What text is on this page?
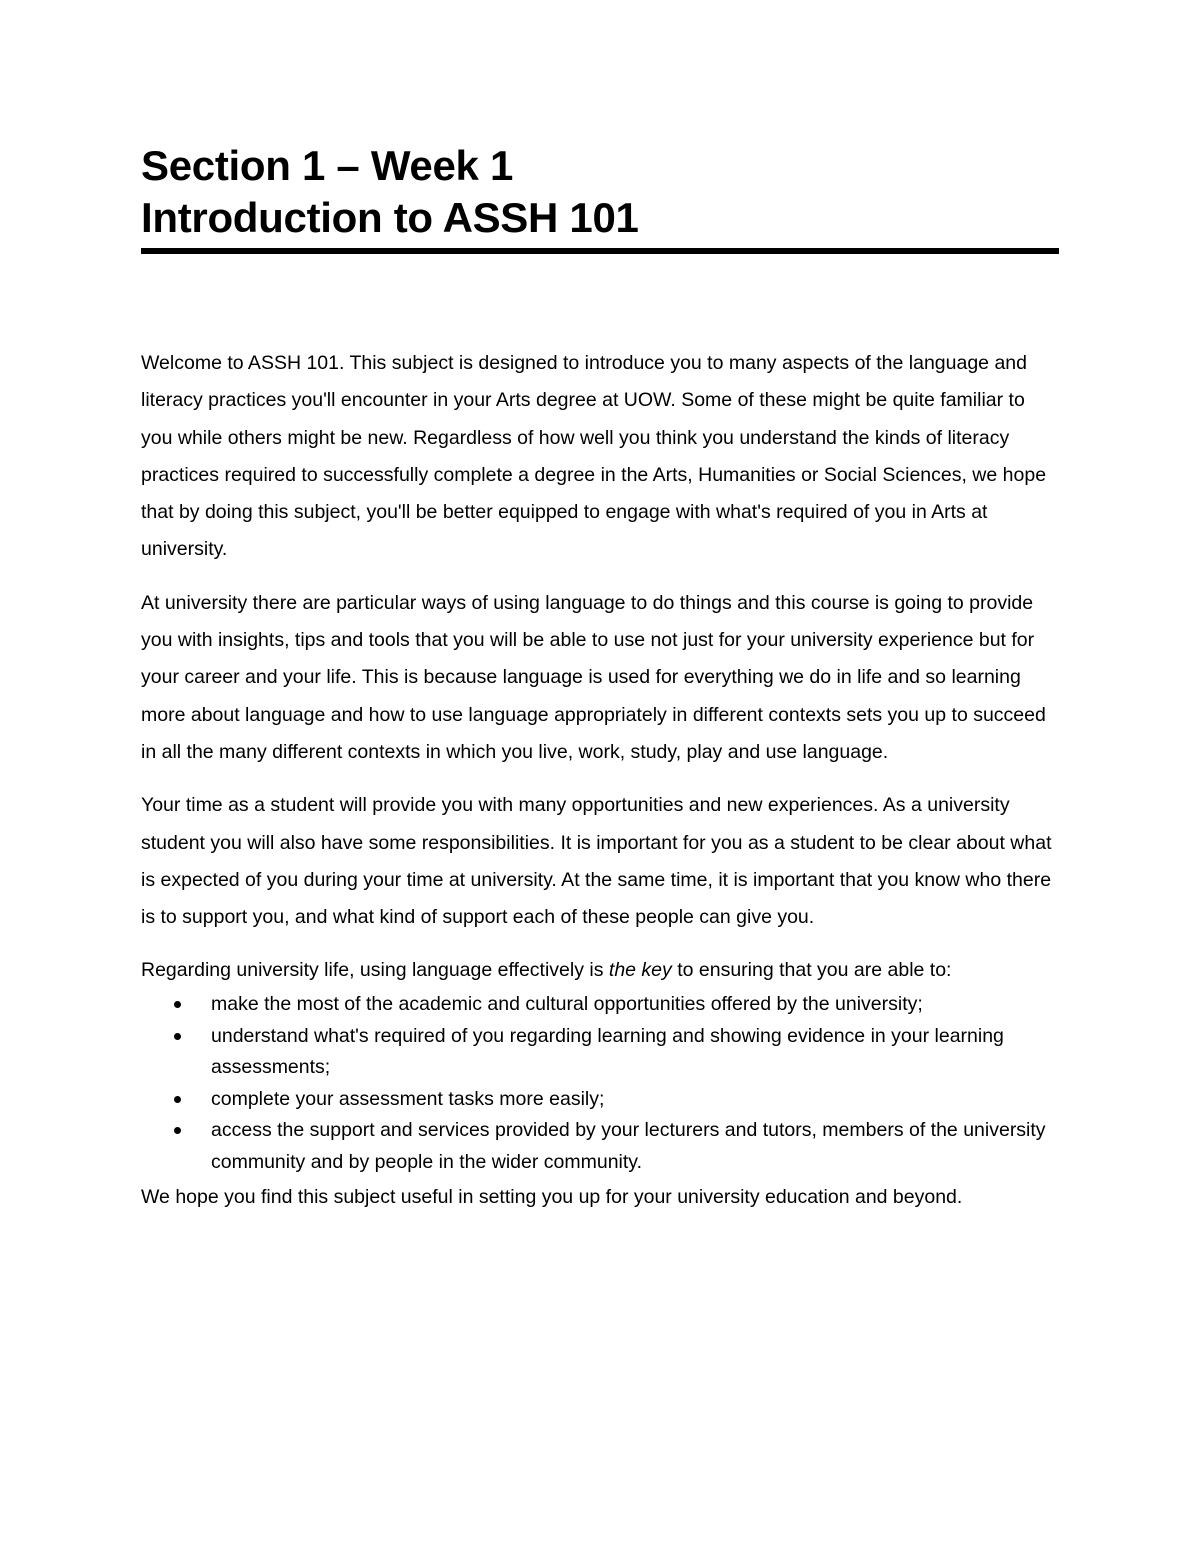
Section 1 – Week 1
Introduction to ASSH 101

Welcome to ASSH 101. This subject is designed to introduce you to many aspects of the language and literacy practices you'll encounter in your Arts degree at UOW. Some of these might be quite familiar to you while others might be new. Regardless of how well you think you understand the kinds of literacy practices required to successfully complete a degree in the Arts, Humanities or Social Sciences, we hope that by doing this subject, you'll be better equipped to engage with what's required of you in Arts at university.

At university there are particular ways of using language to do things and this course is going to provide you with insights, tips and tools that you will be able to use not just for your university experience but for your career and your life. This is because language is used for everything we do in life and so learning more about language and how to use language appropriately in different contexts sets you up to succeed in all the many different contexts in which you live, work, study, play and use language.

Your time as a student will provide you with many opportunities and new experiences. As a university student you will also have some responsibilities. It is important for you as a student to be clear about what is expected of you during your time at university. At the same time, it is important that you know who there is to support you, and what kind of support each of these people can give you.

Regarding university life, using language effectively is the key to ensuring that you are able to:

make the most of the academic and cultural opportunities offered by the university;
understand what's required of you regarding learning and showing evidence in your learning assessments;
complete your assessment tasks more easily;
access the support and services provided by your lecturers and tutors, members of the university community and by people in the wider community.

We hope you find this subject useful in setting you up for your university education and beyond.
